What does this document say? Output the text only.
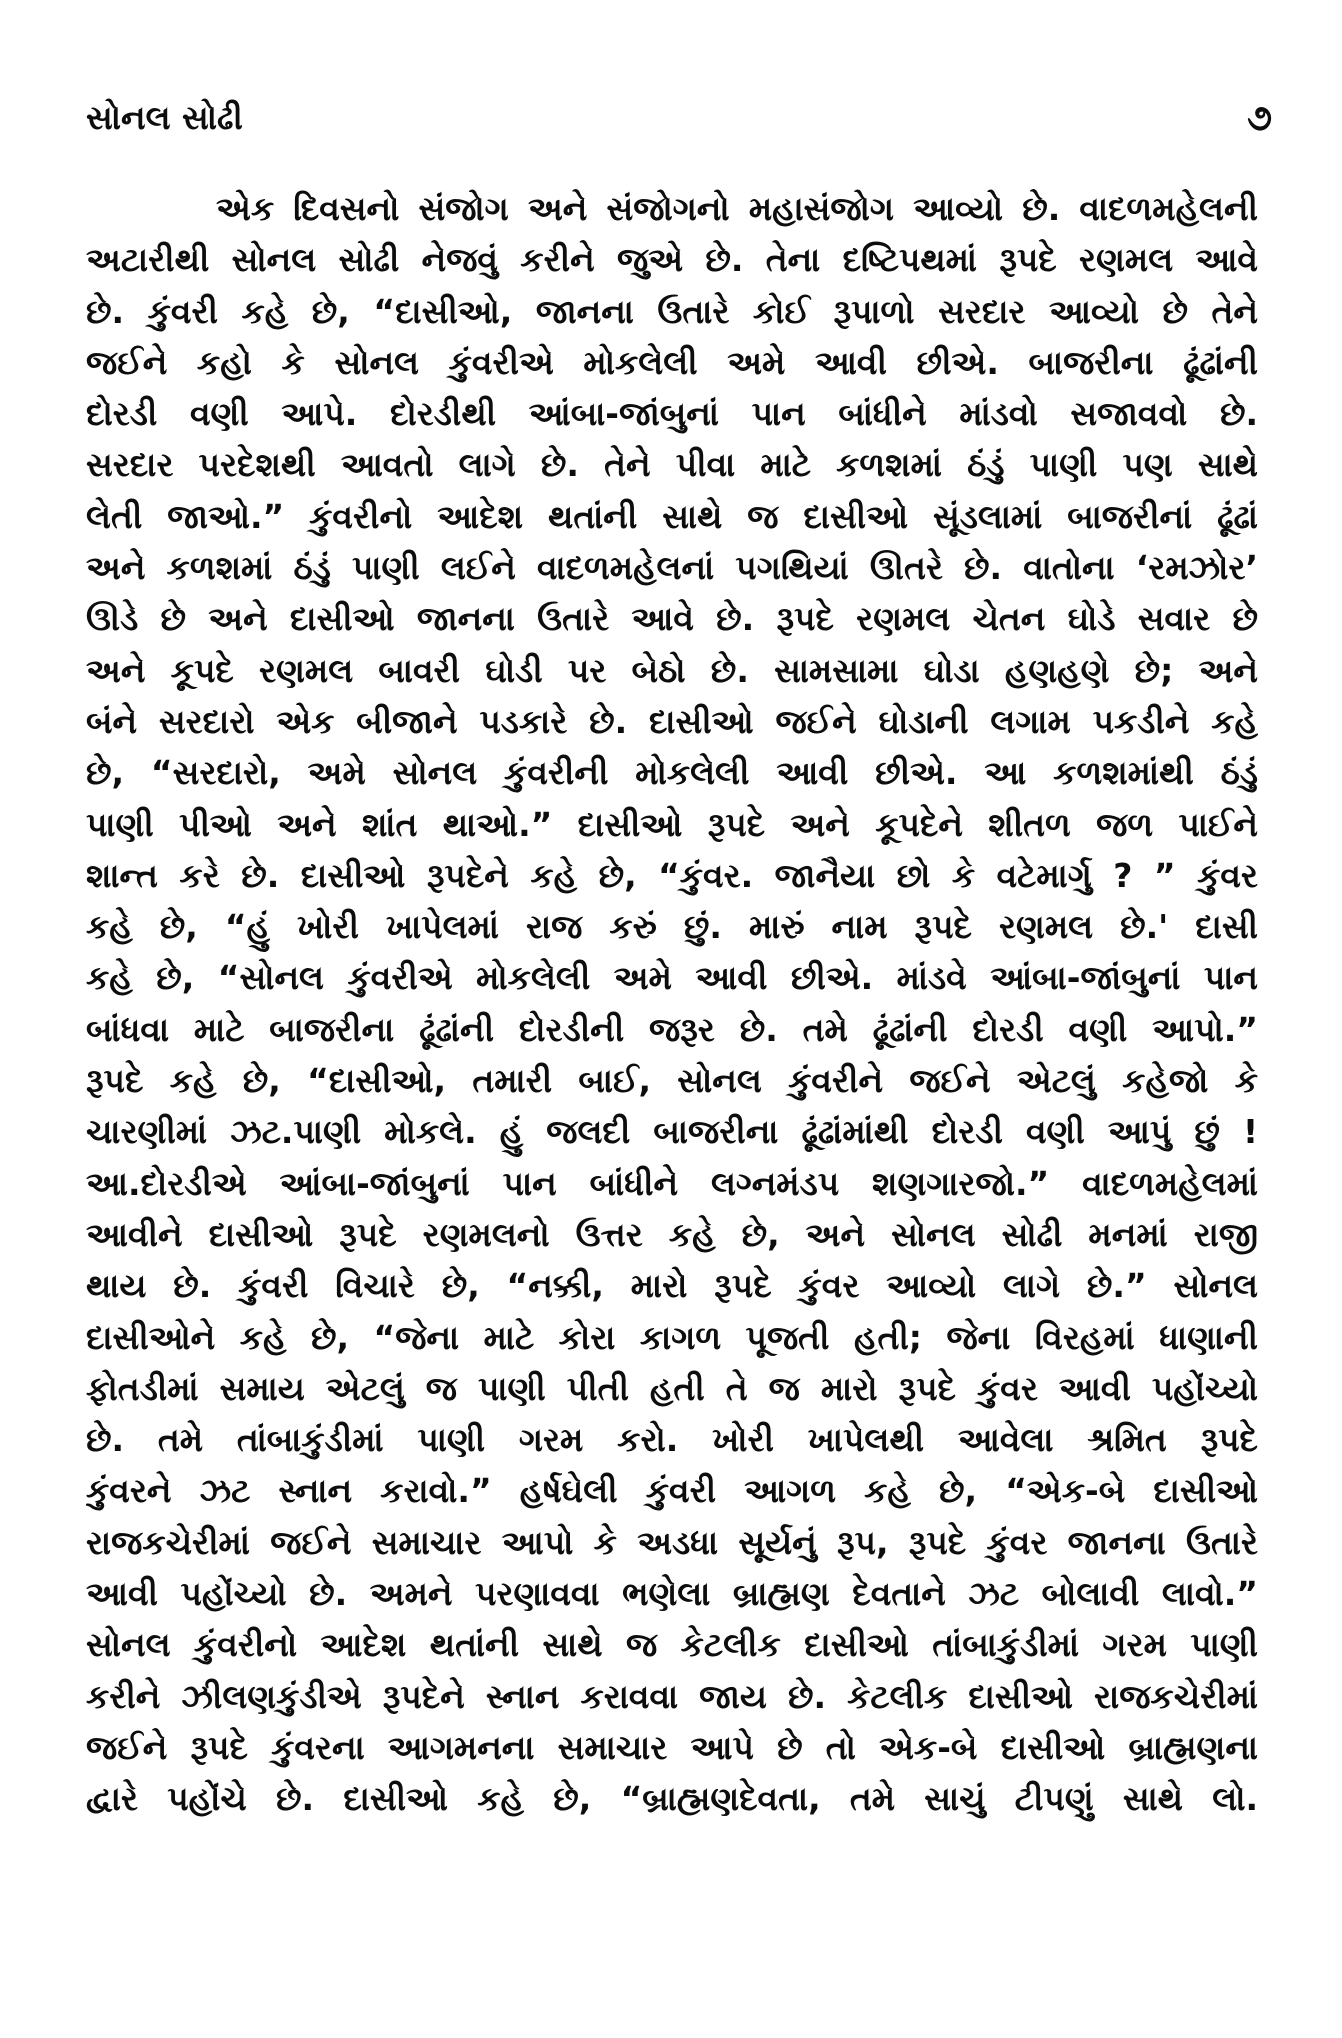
સોનલ સોઢી	૭
એક દિવસનો સંજોગ અને સંજોગનો મહાસંજોગ આવ્યો છે. વાદળમહેલની
અટારીથી સોનલ સોઢી નેજવું કરીને જુએ છે. તેના દષ્ટિપથમાં રૂપદે રણમલ આવે
છે. કુંવરી કહે છે, “દાસીઓ, જાનના ઉતારે કોઈ રૂપાળો સરદાર આવ્યો છે તેને
જઈને કહો કે સોનલ કુંવરીએ મોકલેલી અમે આવી છીએ. બાજરીના ઢૂંઢાંની
દોરડી વણી આપે. દોરડીથી આંબા-જાંબુનાં પાન બાંધીને માંડવો સજાવવો છે.
સરદાર પરદેશથી આવતો લાગે છે. તેને પીવા માટે કળશમાં ઠંડું પાણી પણ સાથે
લેતી જાઓ.” કુંવરીનો આદેશ થતાંની સાથે જ દાસીઓ સૂંડલામાં બાજરીનાં ઢૂંઢાં
અને કળશમાં ઠંડું પાણી લઈને વાદળમહેલનાં પગથિયાં ઊતરે છે. વાતોના ‘રમઝોર’
ઊડે છે અને દાસીઓ જાનના ઉતારે આવે છે. રૂપદે રણમલ ચેતન ઘોડે સવાર છે
અને કૂપદે રણમલ બાવરી ઘોડી પર બેઠો છે. સામસામા ઘોડા હણહણે છે; અને
બંને સરદારો એક બીજાને પડકારે છે. દાસીઓ જઈને ઘોડાની લગામ પકડીને કહે
છે, “સરદારો, અમે સોનલ કુંવરીની મોકલેલી આવી છીએ. આ કળશમાંથી ઠંડું
પાણી પીઓ અને શાંત થાઓ.” દાસીઓ રૂપદે અને કૂપદેને શીતળ જળ પાઈને
શાન્ત કરે છે. દાસીઓ રૂપદેને કહે છે, “કુંવર. જાનૈયા છો કે વટેમાર્ગુ ? ” કુંવર
કહે છે, “હું ખોરી ખાપેલમાં રાજ કરું છું. મારું નામ રૂપદે રણમલ છે.' દાસી
કહે છે, “સોનલ કુંવરીએ મોકલેલી અમે આવી છીએ. માંડવે આંબા-જાંબુનાં પાન
બાંધવા માટે બાજરીના ઢૂંઢાંની દોરડીની જરૂર છે. તમે ઢૂંઢાંની દોરડી વણી આપો.”
રૂપદે કહે છે, “દાસીઓ, તમારી બાઈ, સોનલ કુંવરીને જઈને એટલું કહેજો કે
ચારણીમાં ઝટ.પાણી મોકલે. હું જલદી બાજરીના ઢૂંઢાંમાંથી દોરડી વણી આપું છું !
આ.દોરડીએ આંબા-જાંબુનાં પાન બાંધીને લગ્નમંડપ શણગારજો.” વાદળમહેલમાં
આવીને દાસીઓ રૂપદે રણમલનો ઉત્તર કહે છે, અને સોનલ સોઢી મનમાં રાજી
થાય છે. કુંવરી વિચારે છે, “નક્કી, મારો રૂપદે કુંવર આવ્યો લાગે છે.” સોનલ
દાસીઓને કહે છે, “જેના માટે કોરા કાગળ પૂજતી હતી; જેના વિરહમાં ધાણાની
ફોતડીમાં સમાય એટલું જ પાણી પીતી હતી તે જ મારો રૂપદે કુંવર આવી પહોંચ્યો
છે. તમે તાંબાકુંડીમાં પાણી ગરમ કરો. ખોરી ખાપેલથી આવેલા શ્રમિત રૂપદે
કુંવરને ઝટ સ્નાન કરાવો.” હર્ષઘેલી કુંવરી આગળ કહે છે, “એક-બે દાસીઓ
રાજકચેરીમાં જઈને સમાચાર આપો કે અડધા સૂર્યનું રૂપ, રૂપદે કુંવર જાનના ઉતારે
આવી પહોંચ્યો છે. અમને પરણાવવા ભણેલા બ્રાહ્મણ દેવતાને ઝટ બોલાવી લાવો.”
સોનલ કુંવરીનો આદેશ થતાંની સાથે જ કેટલીક દાસીઓ તાંબાકુંડીમાં ગરમ પાણી
કરીને ઝીલણકુંડીએ રૂપદેને સ્નાન કરાવવા જાય છે. કેટલીક દાસીઓ રાજકચેરીમાં
જઈને રૂપદે કુંવરના આગમનના સમાચાર આપે છે તો એક-બે દાસીઓ બ્રાહ્મણના
દ્વારે પહોંચે છે. દાસીઓ કહે છે, “બ્રાહ્મણદેવતા, તમે સાચું ટીપણું સાથે લો.
